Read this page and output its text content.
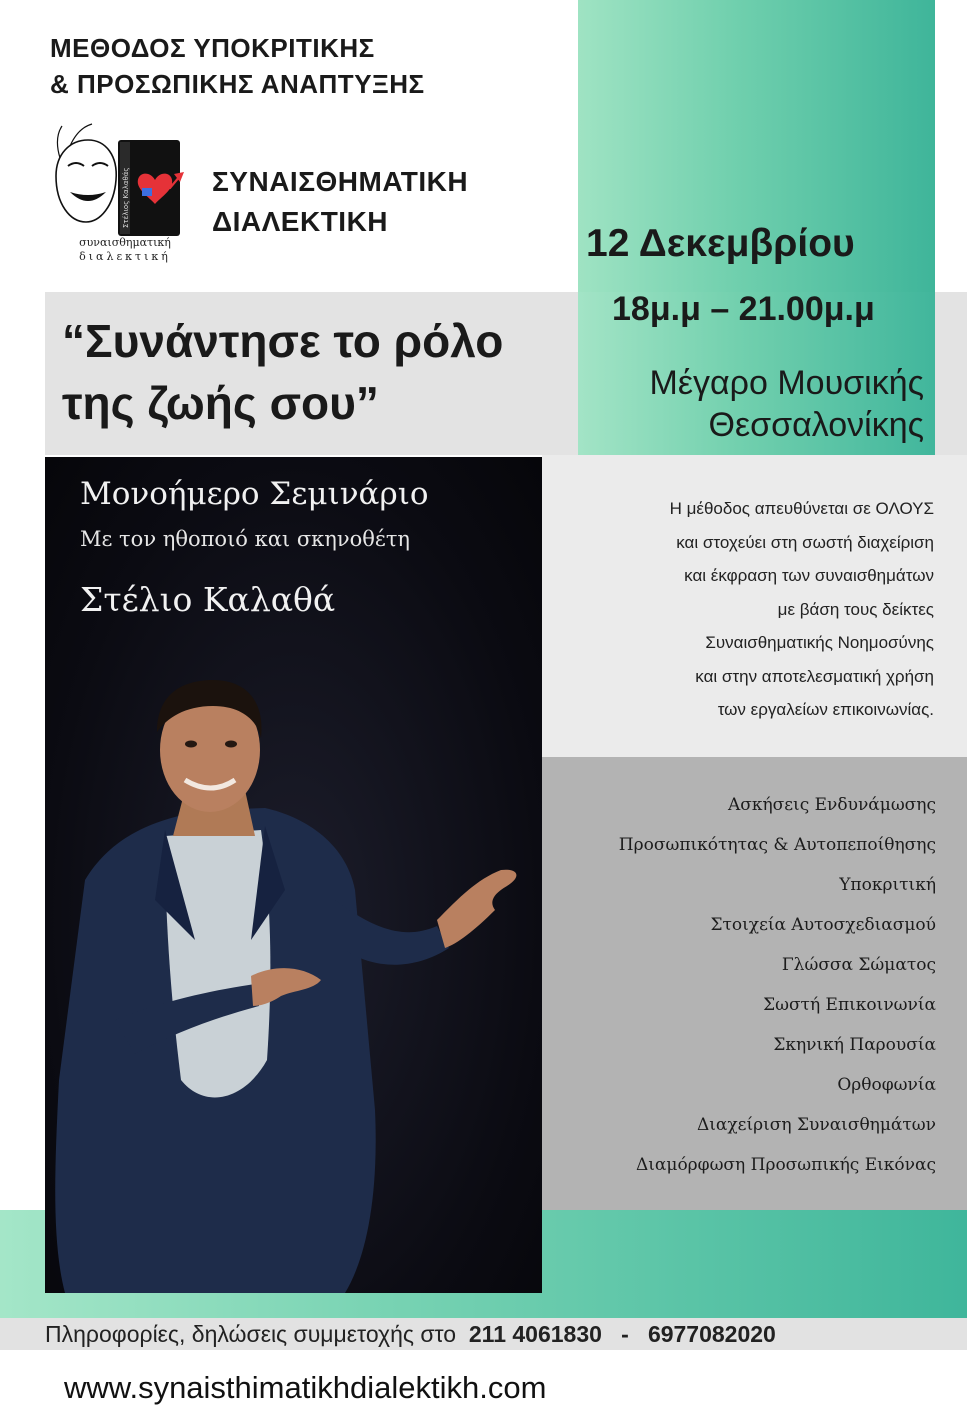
ΜΕΘΟΔΟΣ ΥΠΟΚΡΙΤΙΚΗΣ
& ΠΡΟΣΩΠΙΚΗΣ ΑΝΑΠΤΥΞΗΣ
Στέλιος Καλαθάς
συναισθηματική
διαλεκτική
ΣΥΝΑΙΣΘΗΜΑΤΙΚΗ
ΔΙΑΛΕΚΤΙΚΗ
12 Δεκεμβρίου
18μ.μ – 21.00μ.μ
Μέγαρο Μουσικής
Θεσσαλονίκης
“Συνάντησε το ρόλο
της ζωής σου”
Μονοήμερο Σεμινάριο
Με τον ηθοποιό και σκηνοθέτη
Στέλιο Καλαθά
Η μέθοδος απευθύνεται σε ΟΛΟΥΣ
και στοχεύει στη σωστή διαχείριση
και έκφραση των συναισθημάτων
με βάση τους δείκτες
Συναισθηματικής Νοημοσύνης
και στην αποτελεσματική χρήση
των εργαλείων επικοινωνίας.
Ασκήσεις Ενδυνάμωσης
Προσωπικότητας & Αυτοπεποίθησης
Υποκριτική
Στοιχεία Αυτοσχεδιασμού
Γλώσσα Σώματος
Σωστή Επικοινωνία
Σκηνική Παρουσία
Ορθοφωνία
Διαχείριση Συναισθημάτων
Διαμόρφωση Προσωπικής Εικόνας
Πληροφορίες, δηλώσεις συμμετοχής στο 211 4061830 - 6977082020
www.synaisthimatikhdialektikh.com
